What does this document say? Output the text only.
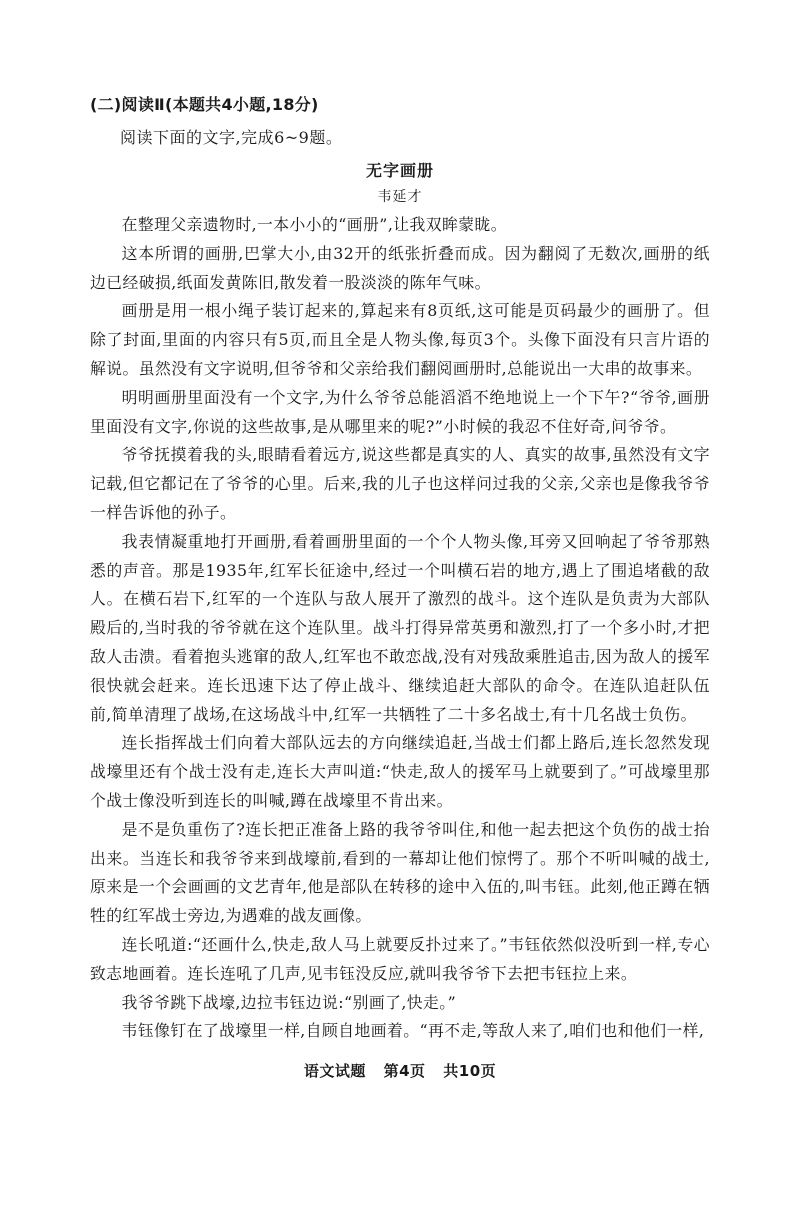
(二)阅读Ⅱ(本题共4小题,18分)
阅读下面的文字,完成6~9题。
无字画册
韦延才

在整理父亲遗物时,一本小小的“画册”,让我双眸蒙眬。

这本所谓的画册,巴掌大小,由32开的纸张折叠而成。因为翻阅了无数次,画册的纸边已经破损,纸面发黄陈旧,散发着一股淡淡的陈年气味。

画册是用一根小绳子装订起来的,算起来有8页纸,这可能是页码最少的画册了。但除了封面,里面的内容只有5页,而且全是人物头像,每页3个。头像下面没有只言片语的解说。虽然没有文字说明,但爷爷和父亲给我们翻阅画册时,总能说出一大串的故事来。

明明画册里面没有一个文字,为什么爷爷总能滔滔不绝地说上一个下午?“爷爷,画册里面没有文字,你说的这些故事,是从哪里来的呢?”小时候的我忍不住好奇,问爷爷。

爷爷抚摸着我的头,眼睛看着远方,说这些都是真实的人、真实的故事,虽然没有文字记载,但它都记在了爷爷的心里。后来,我的儿子也这样问过我的父亲,父亲也是像我爷爷一样告诉他的孙子。

我表情凝重地打开画册,看着画册里面的一个个人物头像,耳旁又回响起了爷爷那熟悉的声音。那是1935年,红军长征途中,经过一个叫横石岩的地方,遇上了围追堵截的敌人。在横石岩下,红军的一个连队与敌人展开了激烈的战斗。这个连队是负责为大部队殿后的,当时我的爷爷就在这个连队里。战斗打得异常英勇和激烈,打了一个多小时,才把敌人击溃。看着抱头逃窜的敌人,红军也不敢恋战,没有对残敌乘胜追击,因为敌人的援军很快就会赶来。连长迅速下达了停止战斗、继续追赶大部队的命令。在连队追赶队伍前,简单清理了战场,在这场战斗中,红军一共牺牲了二十多名战士,有十几名战士负伤。

连长指挥战士们向着大部队远去的方向继续追赶,当战士们都上路后,连长忽然发现战壕里还有个战士没有走,连长大声叫道:“快走,敌人的援军马上就要到了。”可战壕里那个战士像没听到连长的叫喊,蹲在战壕里不肯出来。

是不是负重伤了?连长把正准备上路的我爷爷叫住,和他一起去把这个负伤的战士抬出来。当连长和我爷爷来到战壕前,看到的一幕却让他们惊愕了。那个不听叫喊的战士,原来是一个会画画的文艺青年,他是部队在转移的途中入伍的,叫韦钰。此刻,他正蹲在牺牲的红军战士旁边,为遇难的战友画像。

连长吼道:“还画什么,快走,敌人马上就要反扑过来了。”韦钰依然似没听到一样,专心致志地画着。连长连吼了几声,见韦钰没反应,就叫我爷爷下去把韦钰拉上来。

我爷爷跳下战壕,边拉韦钰边说:“别画了,快走。”

韦钰像钉在了战壕里一样,自顾自地画着。“再不走,等敌人来了,咱们也和他们一样,

语文试题 第4页 共10页
